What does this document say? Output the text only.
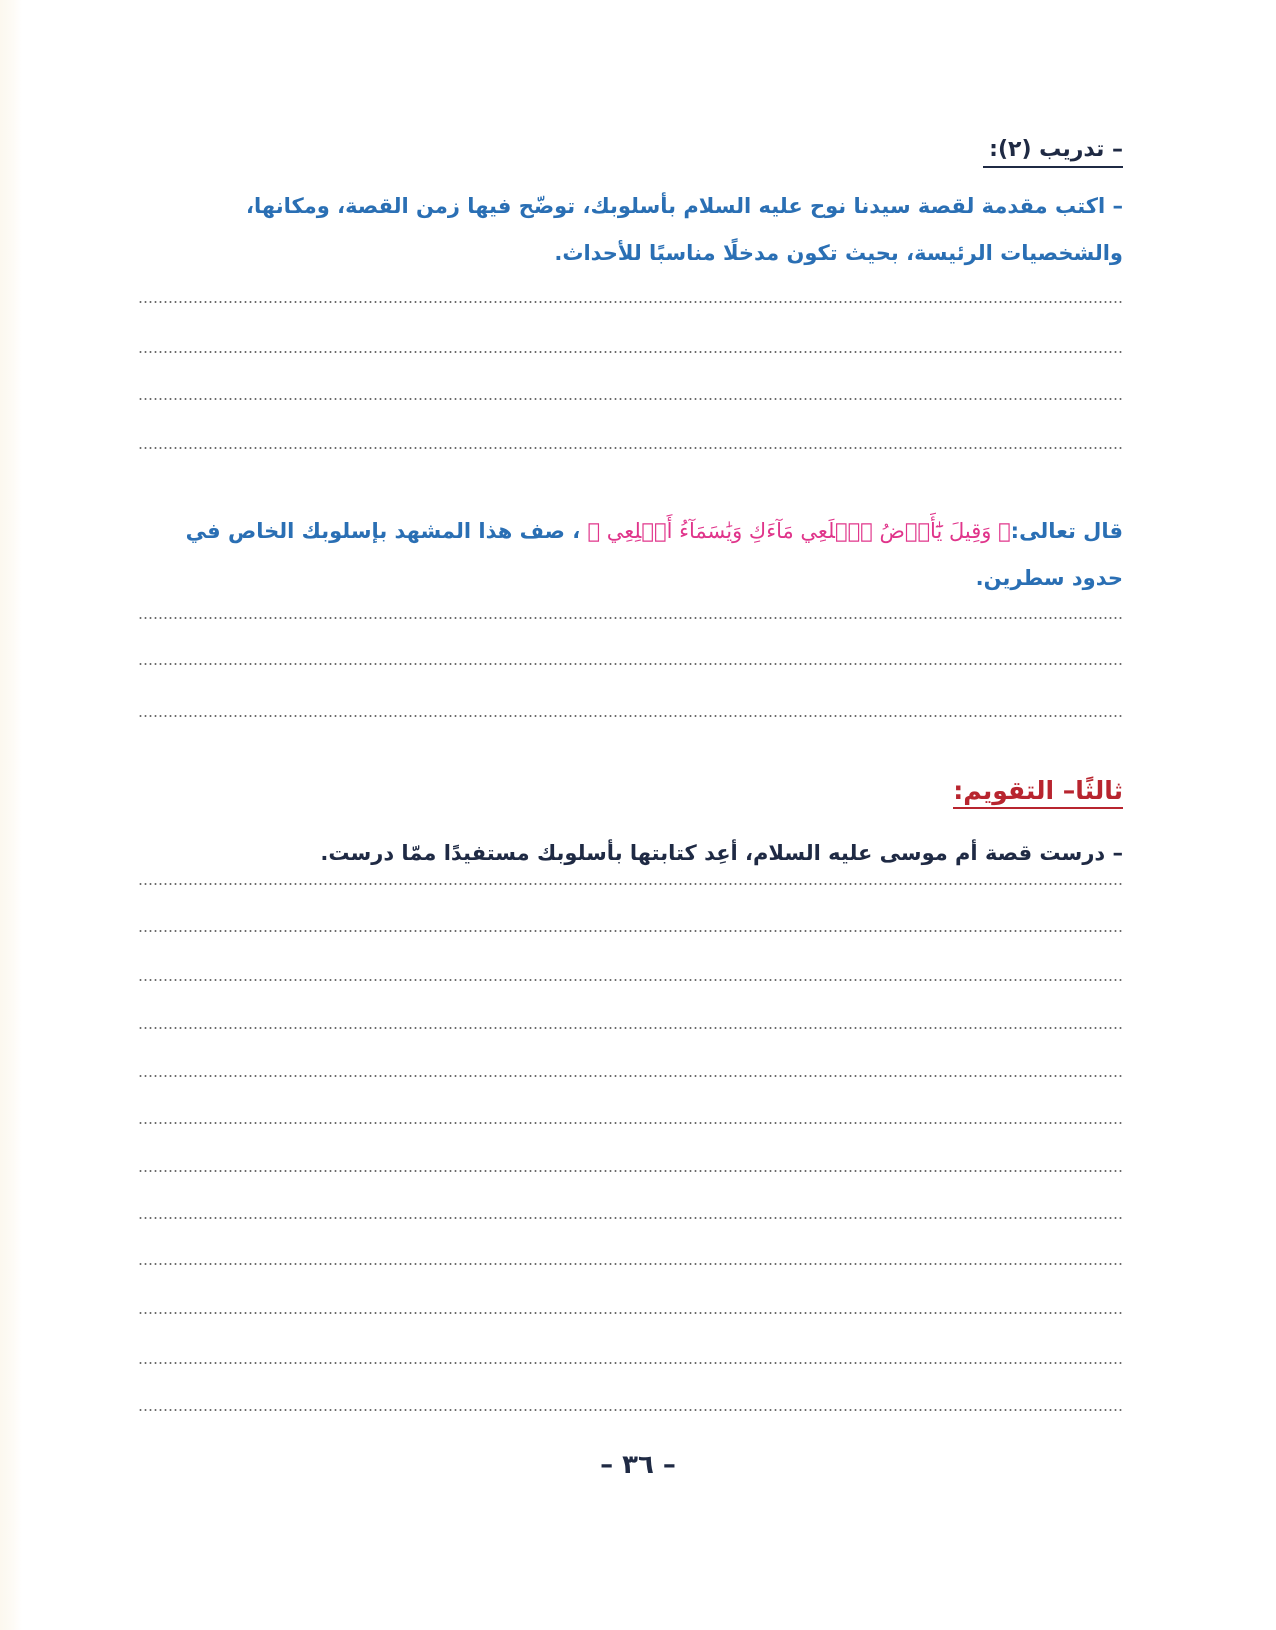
– تدريب (٢):
– اكتب مقدمة لقصة سيدنا نوح عليه السلام بأسلوبك، توضّح فيها زمن القصة، ومكانها، والشخصيات الرئيسة، بحيث تكون مدخلًا مناسبًا للأحداث.
قال تعالى:﴿ وَقِيلَ يَٰٓأَرۡضُ ٱبۡلَعِي مَآءَكِ وَيَٰسَمَآءُ أَقۡلِعِي ﴾ ، صف هذا المشهد بإسلوبك الخاص في حدود سطرين.
ثالثًا– التقويم:
– درست قصة أم موسى عليه السلام، أعِد كتابتها بأسلوبك مستفيدًا ممّا درست.
– ٣٦ –
